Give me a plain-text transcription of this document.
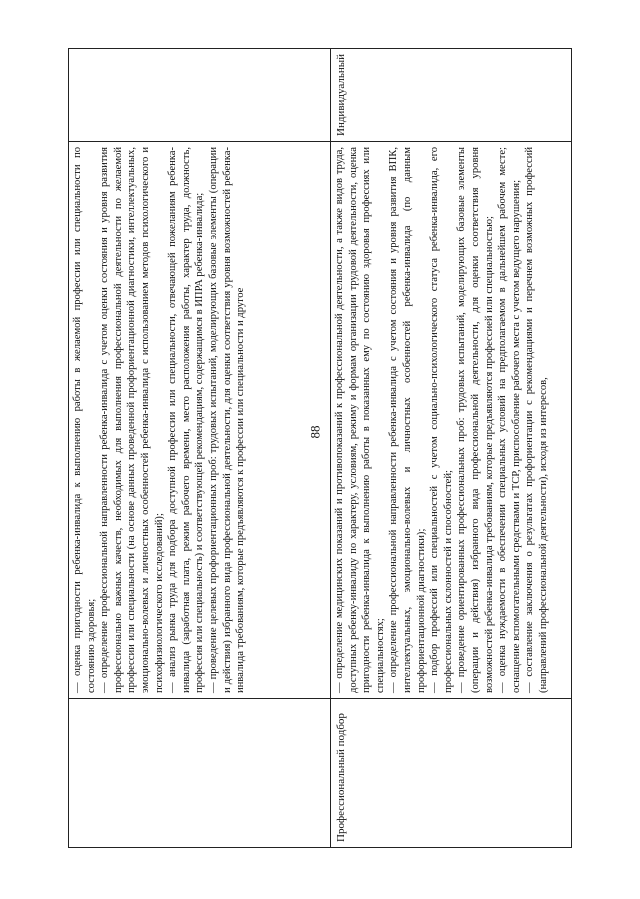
88
Профессиональный подбор

— оценка пригодности ребенка-инвалида к выполнению работы в желаемой профессии или специальности по состоянию здоровья; — определение профессиональной направленности ребенка-инвалида с учетом оценки состояния и уровня развития профессионально важных качеств, необходимых для выполнения профессиональной деятельности по желаемой профессии или специальности (на основе данных проведенной профориентационной диагностики, интеллектуальных, эмоционально-волевых и личностных особенностей ребенка-инвалида с использованием методов психологического и психофизиологического исследований); — анализ рынка труда для подбора доступной профессии или специальности, отвечающей пожеланиям ребенка-инвалида (заработная плата, режим рабочего времени, место расположения работы, характер труда, должность, профессия или специальность) и соответствующей рекомендациям, содержащимся в ИПРА ребенка-инвалида; — проведение целевых профориентационных проб: трудовых испытаний, моделирующих базовые элементы (операции и действия) избранного вида профессиональной деятельности, для оценки соответствия уровня возможностей ребенка-инвалида требованиям, которые предъявляются к профессии или специальности и другое	— определение медицинских показаний и противопоказаний к профессиональной деятельности, а также видов труда, доступных ребенку-инвалиду по характеру, условиям, режиму и формам организации трудовой деятельности, оценка пригодности ребенка-инвалида к выполнению работы в показанных ему по состоянию здоровья профессиях или специальностях; — определение профессиональной направленности ребенка-инвалида с учетом состояния и уровня развития ВПК, интеллектуальных, эмоционально-волевых и личностных особенностей ребенка-инвалида (по данным профориентационной диагностики); — подбор профессий или специальностей с учетом социально-психологического статуса ребенка-инвалида, его профессиональных склонностей и способностей; — проведение ориентированных профессиональных проб: трудовых испытаний, моделирующих базовые элементы (операции и действия) избранного вида профессиональной деятельности, для оценки соответствия уровня возможностей ребенка-инвалида требованиям, которые предъявляются профессией или специальностью; — оценка нуждаемости в обеспечении специальных условий на предполагаемом в дальнейшем рабочем месте; оснащение вспомогательными средствами и ТСР, приспособление рабочего места с учетом ведущего нарушения; — составление заключения о результатах профориентации с рекомендациями и перечнем возможных профессий (направлений профессиональной деятельности), исходя из интересов,

Индивидуальный
